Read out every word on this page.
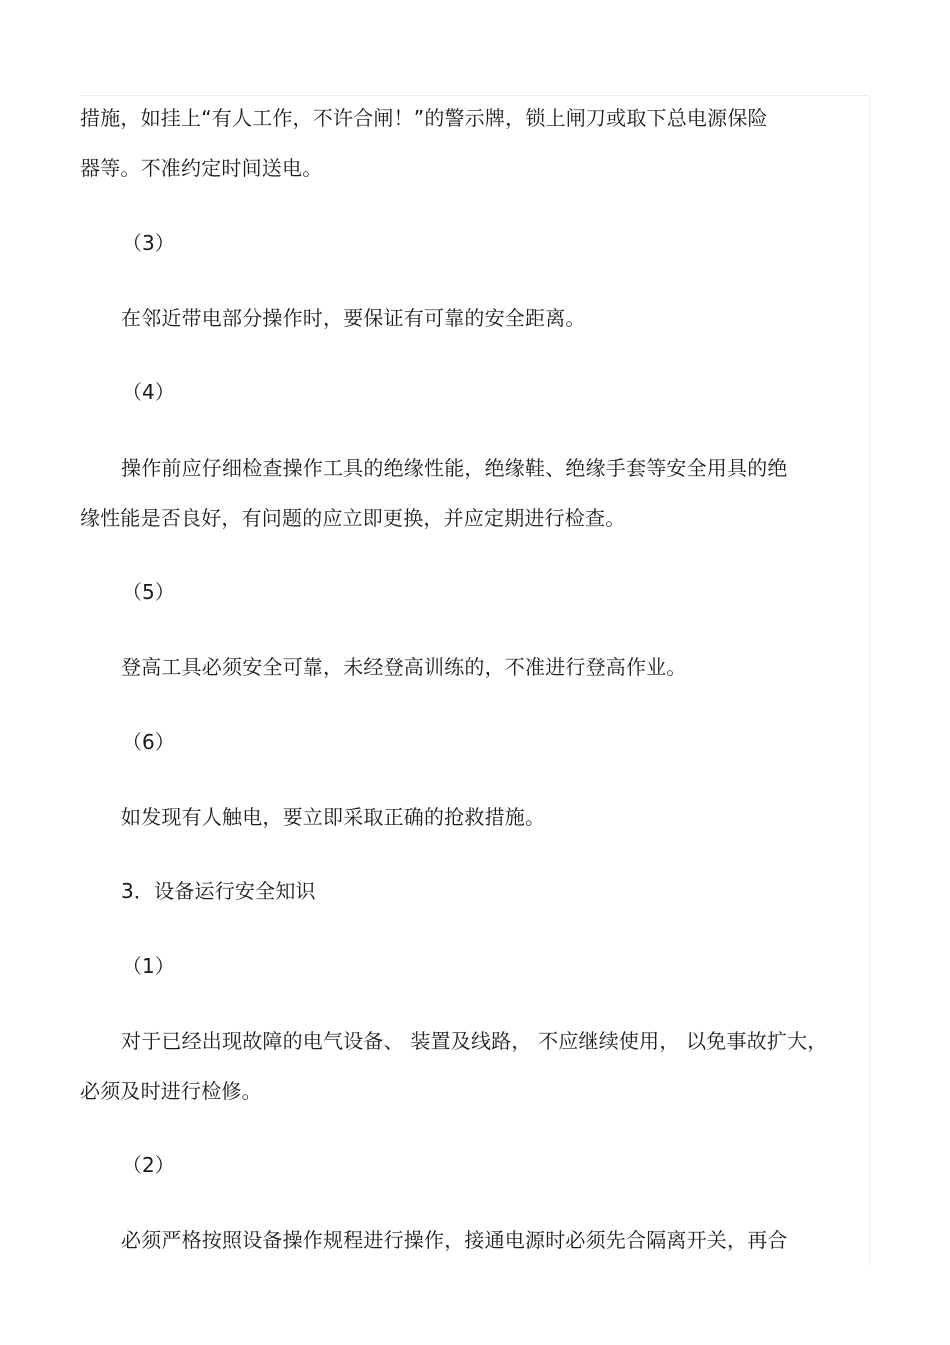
措施，如挂上“有人工作，不许合闸！”的警示牌，锁上闸刀或取下总电源保险
器等。不准约定时间送电。
（3）
在邻近带电部分操作时，要保证有可靠的安全距离。
（4）
操作前应仔细检查操作工具的绝缘性能，绝缘鞋、绝缘手套等安全用具的绝
缘性能是否良好，有问题的应立即更换，并应定期进行检查。
（5）
登高工具必须安全可靠，未经登高训练的，不准进行登高作业。
（6）
如发现有人触电，要立即采取正确的抢救措施。
3．设备运行安全知识
（1）
对于已经出现故障的电气设备、 装置及线路， 不应继续使用， 以免事故扩大，
必须及时进行检修。
（2）
必须严格按照设备操作规程进行操作，接通电源时必须先合隔离开关，再合
